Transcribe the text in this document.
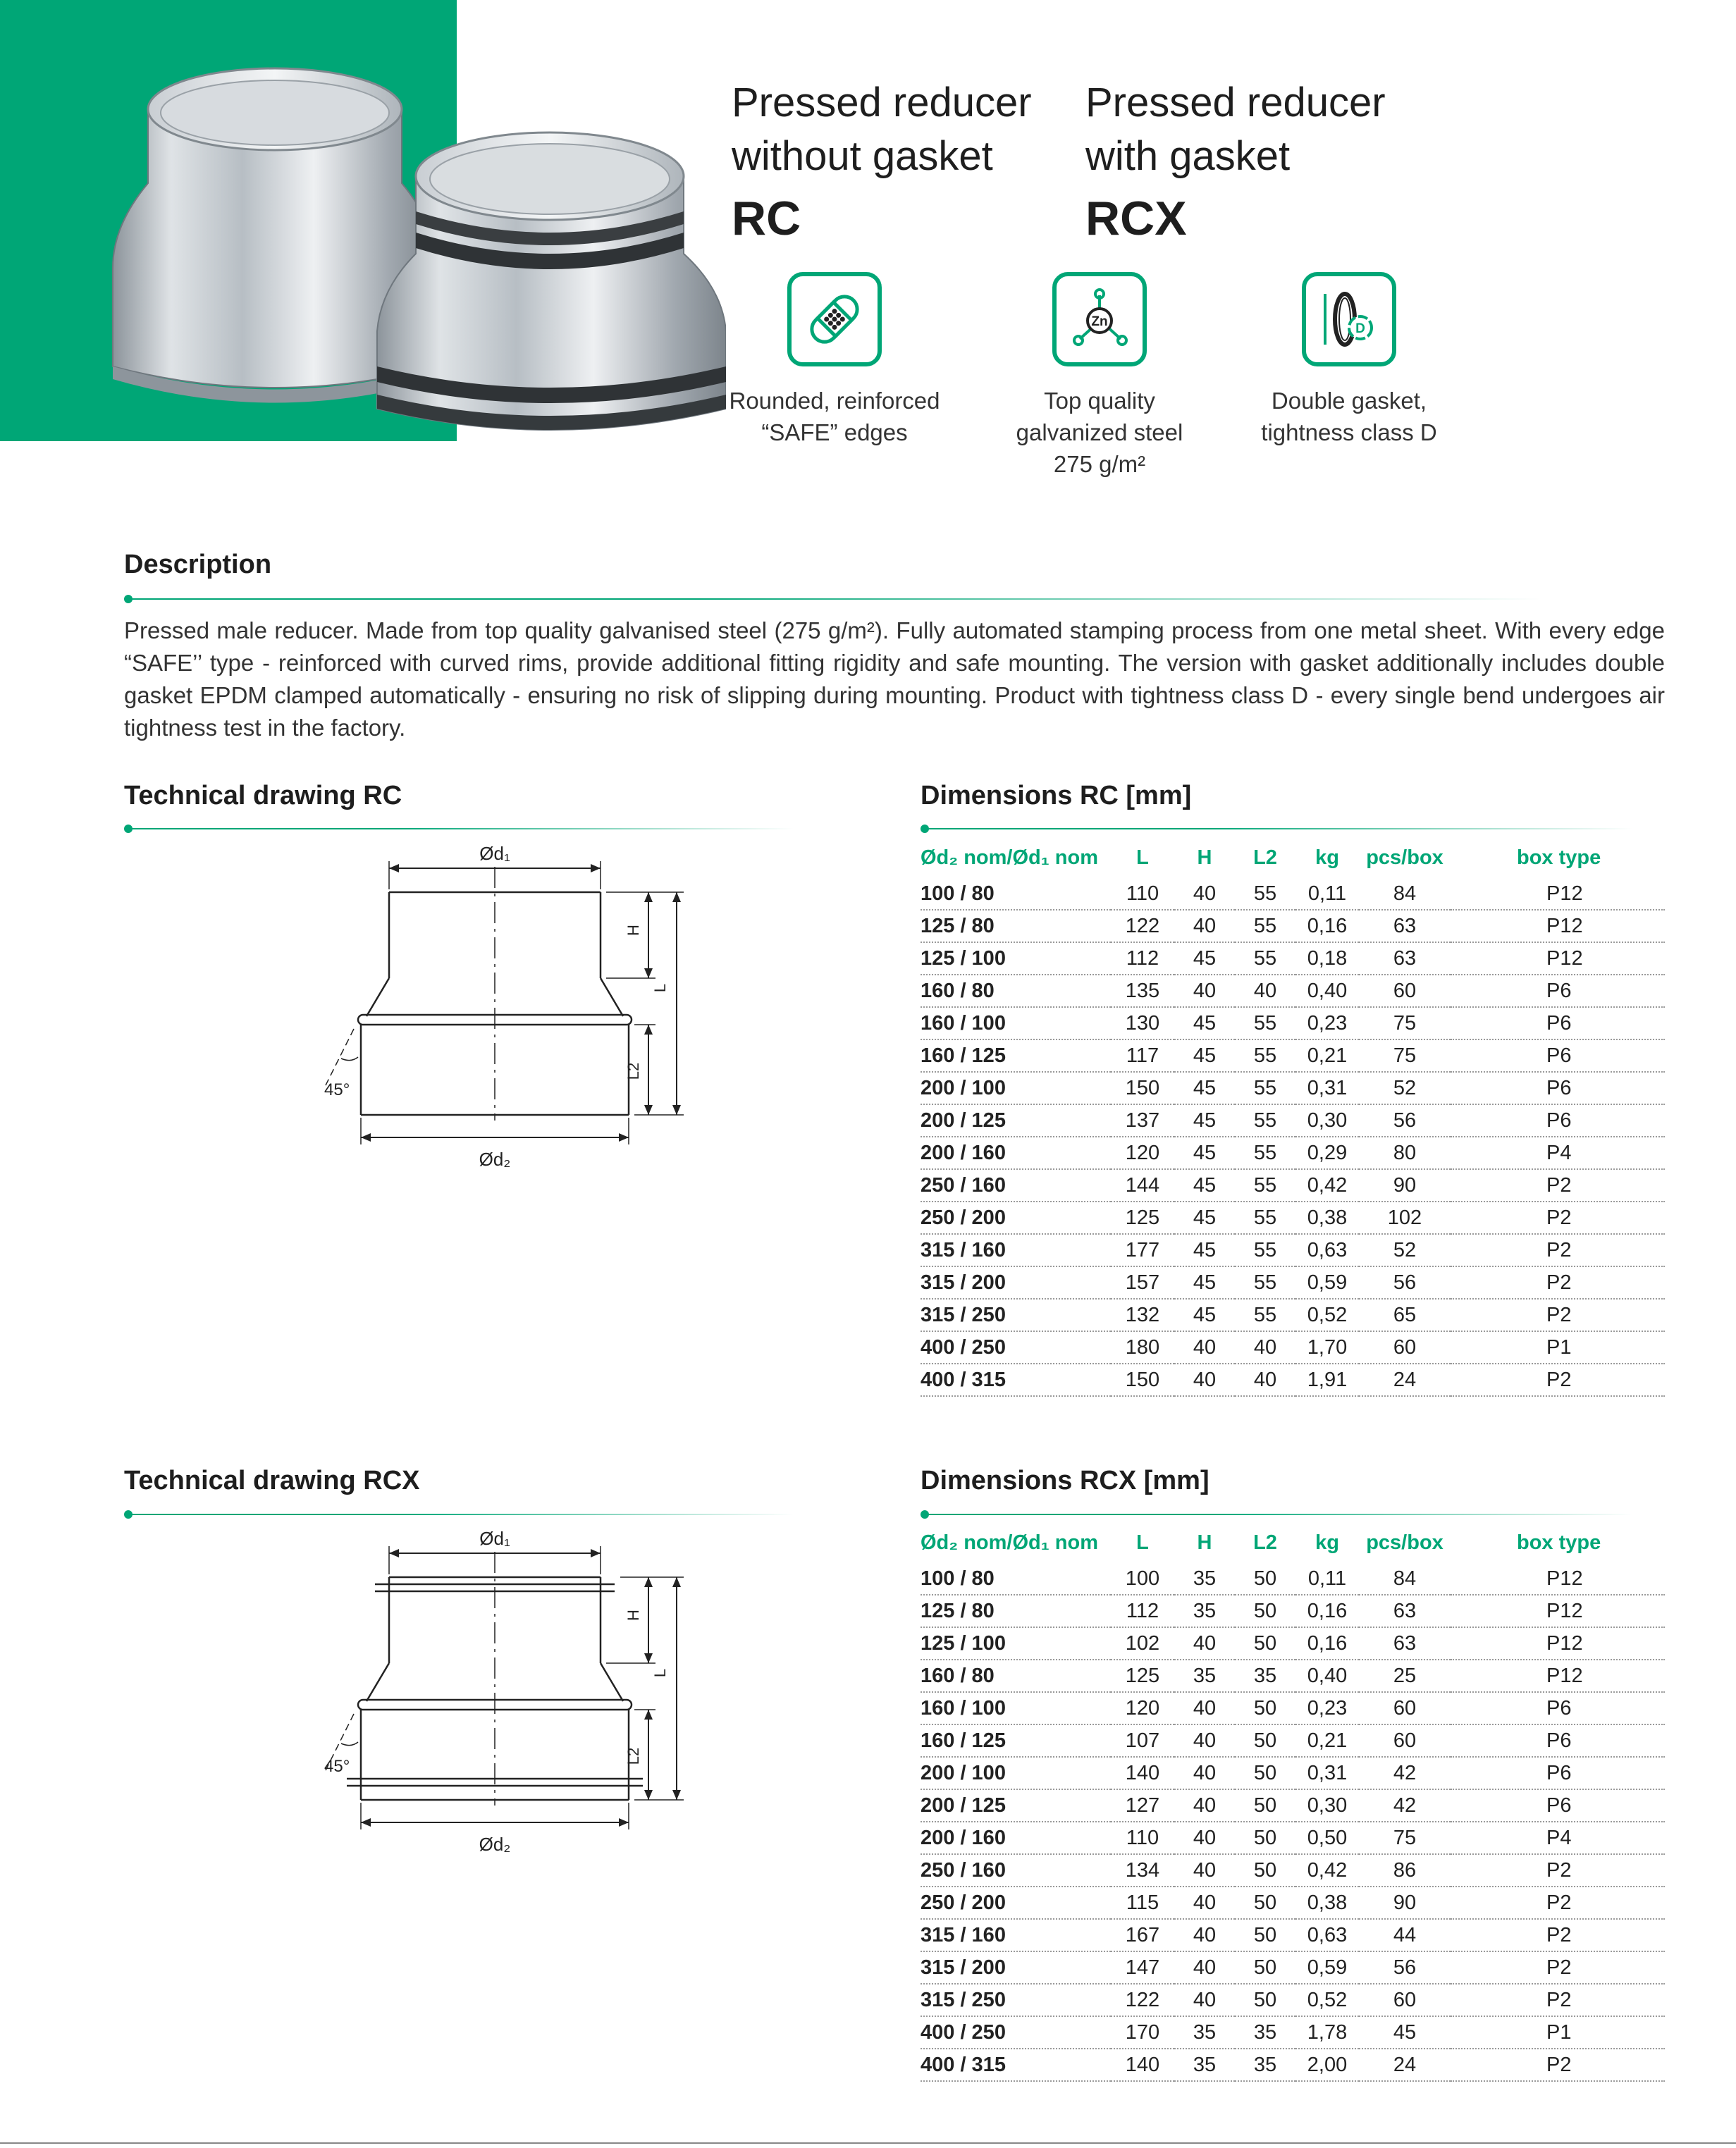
Pressed reducer
without gasket
RC
Pressed reducer
with gasket
RCX
Rounded, reinforced
“SAFE” edges
Zn
Top quality
galvanized steel
275 g/m²
D
Double gasket,
tightness class D
Description
Pressed male reducer. Made from top quality galvanised steel (275 g/m²). Fully automated stamping process from one metal sheet. With every edge “SAFE’’ type - reinforced with curved rims, provide additional fitting rigidity and safe mounting. The version with gasket additionally includes double gasket EPDM clamped automatically - ensuring no risk of slipping during mounting. Product with tightness class D - every single bend undergoes air tightness test in the factory.
Technical drawing RC
Ød₁
Ød₂
H
L
L2
45°
Dimensions RC [mm]
Ød₂ nom/Ød₁ nom	L	H	L2	kg	pcs/box	box type
100 / 80	110	40	55	0,11	84	P12
125 / 80	122	40	55	0,16	63	P12
125 / 100	112	45	55	0,18	63	P12
160 / 80	135	40	40	0,40	60	P6
160 / 100	130	45	55	0,23	75	P6
160 / 125	117	45	55	0,21	75	P6
200 / 100	150	45	55	0,31	52	P6
200 / 125	137	45	55	0,30	56	P6
200 / 160	120	45	55	0,29	80	P4
250 / 160	144	45	55	0,42	90	P2
250 / 200	125	45	55	0,38	102	P2
315 / 160	177	45	55	0,63	52	P2
315 / 200	157	45	55	0,59	56	P2
315 / 250	132	45	55	0,52	65	P2
400 / 250	180	40	40	1,70	60	P1
400 / 315	150	40	40	1,91	24	P2
Technical drawing RCX
Ød₁
Ød₂
H
L
L2
45°
Dimensions RCX [mm]
Ød₂ nom/Ød₁ nom	L	H	L2	kg	pcs/box	box type
100 / 80	100	35	50	0,11	84	P12
125 / 80	112	35	50	0,16	63	P12
125 / 100	102	40	50	0,16	63	P12
160 / 80	125	35	35	0,40	25	P12
160 / 100	120	40	50	0,23	60	P6
160 / 125	107	40	50	0,21	60	P6
200 / 100	140	40	50	0,31	42	P6
200 / 125	127	40	50	0,30	42	P6
200 / 160	110	40	50	0,50	75	P4
250 / 160	134	40	50	0,42	86	P2
250 / 200	115	40	50	0,38	90	P2
315 / 160	167	40	50	0,63	44	P2
315 / 200	147	40	50	0,59	56	P2
315 / 250	122	40	50	0,52	60	P2
400 / 250	170	35	35	1,78	45	P1
400 / 315	140	35	35	2,00	24	P2
